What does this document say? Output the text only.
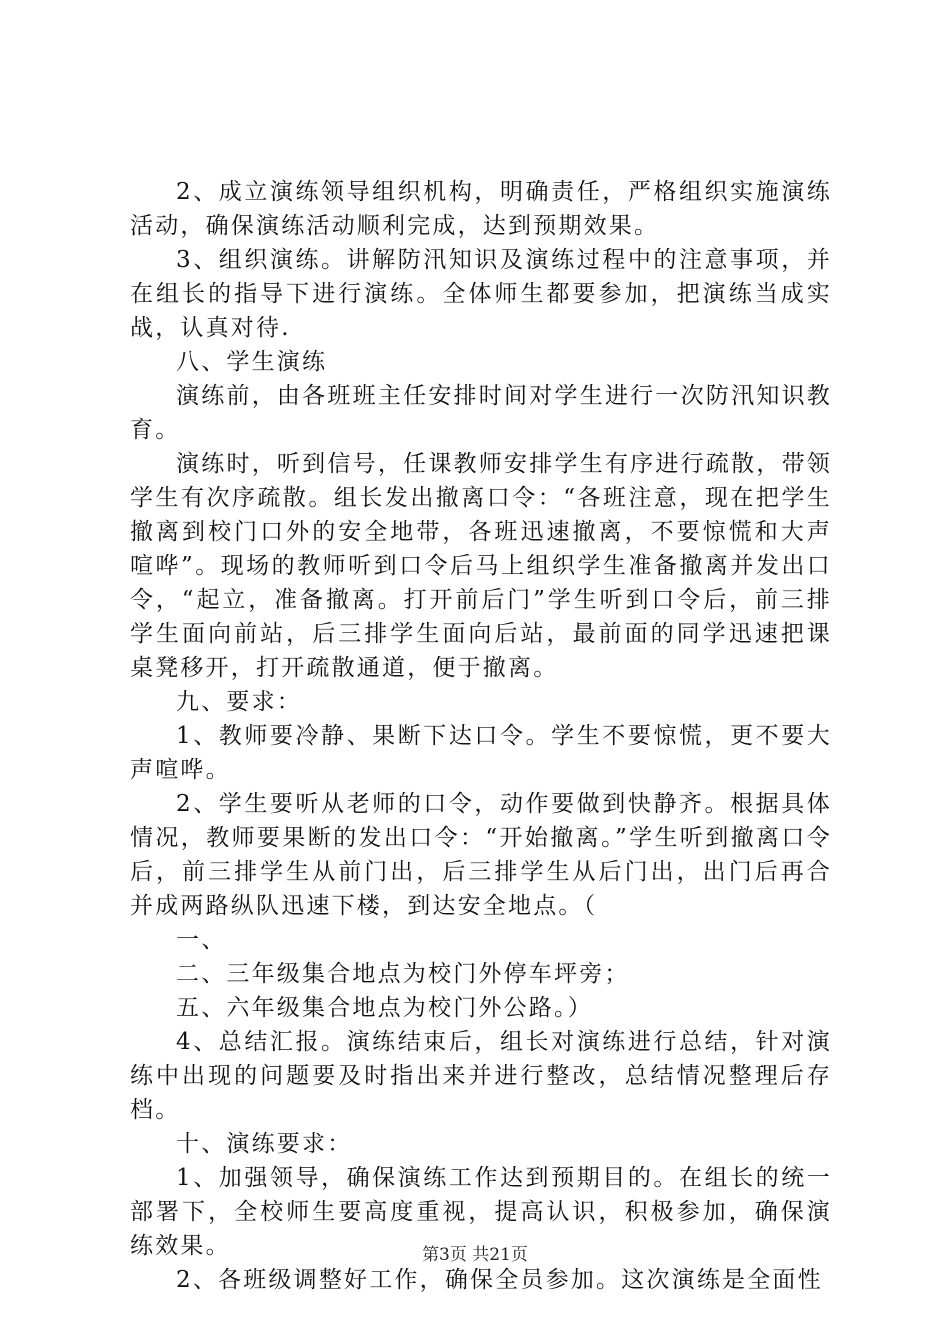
2、成立演练领导组织机构，明确责任，严格组织实施演练活动，确保演练活动顺利完成，达到预期效果。

3、组织演练。讲解防汛知识及演练过程中的注意事项，并在组长的指导下进行演练。全体师生都要参加，把演练当成实战，认真对待.

八、学生演练

演练前，由各班班主任安排时间对学生进行一次防汛知识教育。

演练时，听到信号，任课教师安排学生有序进行疏散，带领学生有次序疏散。组长发出撤离口令：“各班注意，现在把学生撤离到校门口外的安全地带，各班迅速撤离，不要惊慌和大声喧哗”。现场的教师听到口令后马上组织学生准备撤离并发出口令，“起立，准备撤离。打开前后门”学生听到口令后，前三排学生面向前站，后三排学生面向后站，最前面的同学迅速把课桌凳移开，打开疏散通道，便于撤离。

九、要求：

1、教师要冷静、果断下达口令。学生不要惊慌，更不要大声喧哗。

2、学生要听从老师的口令，动作要做到快静齐。根据具体情况，教师要果断的发出口令：“开始撤离。”学生听到撤离口令后，前三排学生从前门出，后三排学生从后门出，出门后再合并成两路纵队迅速下楼，到达安全地点。（

一、

二、三年级集合地点为校门外停车坪旁；

五、六年级集合地点为校门外公路。）

4、总结汇报。演练结束后，组长对演练进行总结，针对演练中出现的问题要及时指出来并进行整改，总结情况整理后存档。

十、演练要求：

1、加强领导，确保演练工作达到预期目的。在组长的统一部署下，全校师生要高度重视，提高认识，积极参加，确保演练效果。

2、各班级调整好工作，确保全员参加。这次演练是全面性

第3页 共21页
